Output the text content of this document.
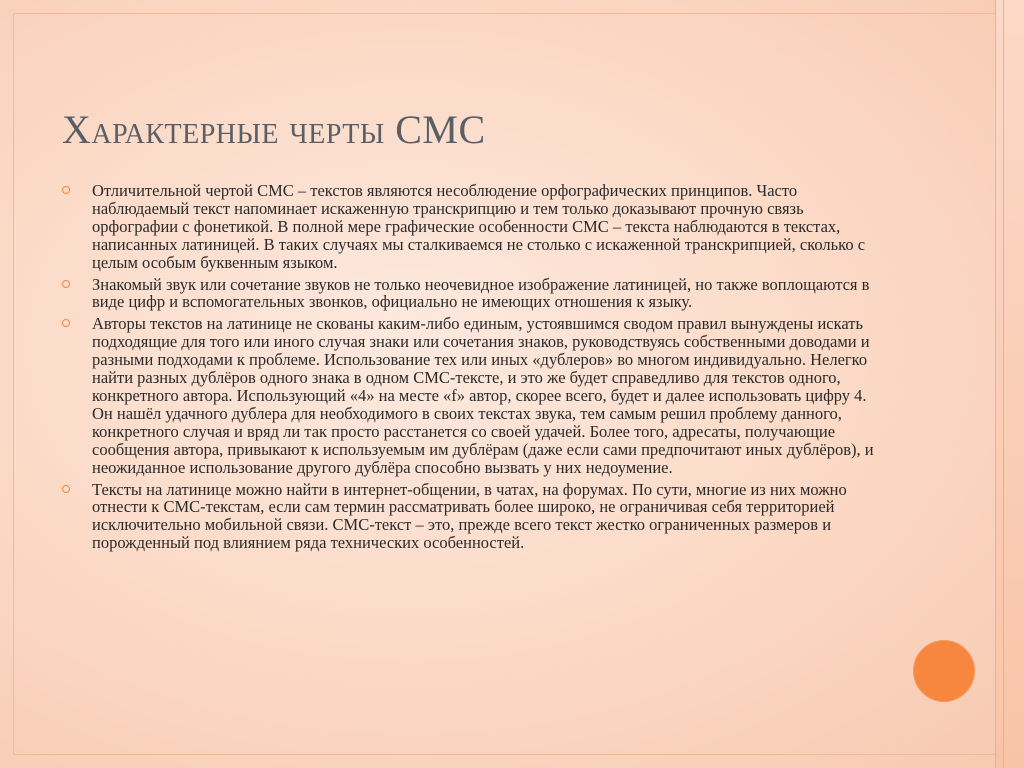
Характерные черты СМС
Отличительной чертой СМС – текстов являются несоблюдение орфографических принципов. Часто наблюдаемый текст напоминает искаженную транскрипцию и тем только доказывают прочную связь орфографии с фонетикой. В полной мере графические особенности СМС – текста наблюдаются в текстах, написанных латиницей. В таких случаях мы сталкиваемся не столько с искаженной транскрипцией, сколько с целым особым буквенным языком.
Знакомый звук или сочетание звуков не только неочевидное изображение латиницей, но также воплощаются в виде цифр и вспомогательных звонков, официально не имеющих отношения к языку.
Авторы текстов на латинице не скованы каким-либо единым, устоявшимся сводом правил вынуждены искать подходящие для того или иного случая знаки или сочетания знаков, руководствуясь собственными доводами и разными подходами к проблеме. Использование тех или иных «дублеров» во многом индивидуально. Нелегко найти разных дублёров одного знака в одном СМС-тексте, и это же будет справедливо для текстов одного, конкретного автора. Использующий «4» на месте «f» автор, скорее всего, будет и далее использовать цифру 4. Он нашёл удачного дублера для необходимого в своих текстах звука, тем самым решил проблему данного, конкретного случая и вряд ли так просто расстанется со своей удачей. Более того, адресаты, получающие сообщения автора, привыкают к используемым им дублёрам (даже если сами предпочитают иных дублёров), и неожиданное использование другого дублёра способно вызвать у них недоумение.
Тексты на латинице можно найти в интернет-общении, в чатах, на форумах. По сути, многие из них можно отнести к СМС-текстам, если сам термин рассматривать более широко, не ограничивая себя территорией исключительно мобильной связи. СМС-текст – это, прежде всего текст жестко ограниченных размеров и порожденный под влиянием ряда технических особенностей.
